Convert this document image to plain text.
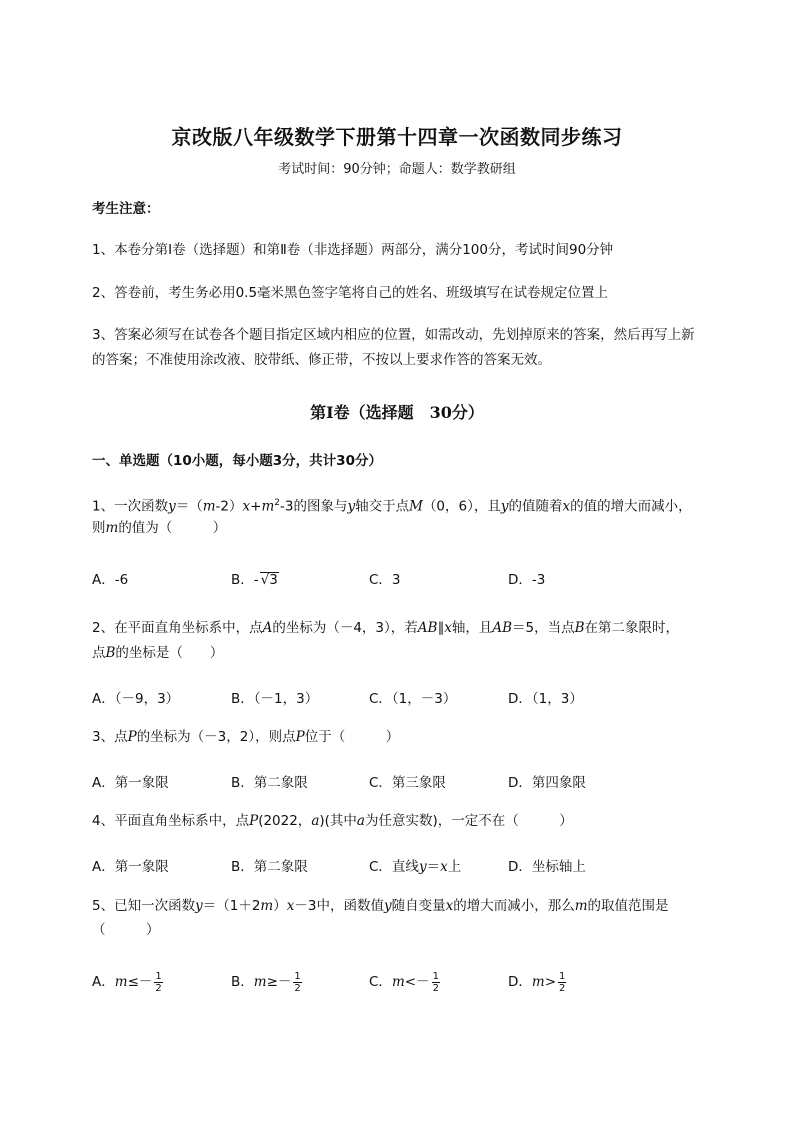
京改版八年级数学下册第十四章一次函数同步练习
考试时间：90分钟；命题人：数学教研组
考生注意：
1、本卷分第I卷（选择题）和第Ⅱ卷（非选择题）两部分，满分100分，考试时间90分钟
2、答卷前，考生务必用0.5毫米黑色签字笔将自己的姓名、班级填写在试卷规定位置上
3、答案必须写在试卷各个题目指定区域内相应的位置，如需改动，先划掉原来的答案，然后再写上新
的答案；不准使用涂改液、胶带纸、修正带，不按以上要求作答的答案无效。
第I卷（选择题　30分）
一、单选题（10小题，每小题3分，共计30分）
1、一次函数$y=(m-2)x+m^2-3$的图象与y轴交于点M（0，6），且y的值随着x的值的增大而减小，
则m的值为（　　　）
A．-6	B．- √3	C．3	D．-3
2、在平面直角坐标系中，点A的坐标为（－4，3），若AB∥x轴，且AB＝5，当点B在第二象限时，
点B的坐标是（　　）
A．（－9，3）	B．（－1，3）	C．（1，－3）	D．（1，3）
3、点P的坐标为（－3，2），则点P位于（　　　）
A．第一象限	B．第二象限	C．第三象限	D．第四象限
4、平面直角坐标系中，点P(2022，a)(其中a为任意实数)，一定不在（　　　）
A．第一象限	B．第二象限	C．直线y＝x上	D．坐标轴上
5、已知一次函数y＝（1＋2m）x－3中，函数值y随自变量x的增大而减小，那么m的取值范围是
（　　　）
A．$m\le- \frac{1}{2}$	B．$m\ge- \frac{1}{2}$	C．$m<- \frac{1}{2}$	D．$m> \frac{1}{2}$
